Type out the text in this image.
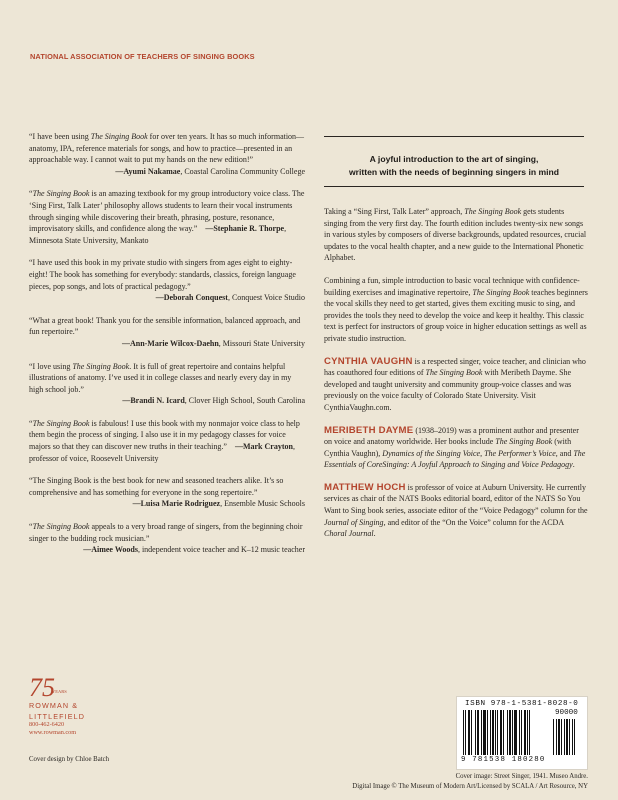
NATIONAL ASSOCIATION OF TEACHERS OF SINGING BOOKS
“I have been using The Singing Book for over ten years. It has so much information—anatomy, IPA, reference materials for songs, and how to practice—presented in an approachable way. I cannot wait to put my hands on the new edition!”
—Ayumi Nakamae, Coastal Carolina Community College
“The Singing Book is an amazing textbook for my group introductory voice class. The ‘Sing First, Talk Later’ philosophy allows students to learn their vocal instruments through singing while discovering their breath, phrasing, posture, resonance, improvisatory skills, and confidence along the way.” —Stephanie R. Thorpe, Minnesota State University, Mankato
“I have used this book in my private studio with singers from ages eight to eighty-eight! The book has something for everybody: standards, classics, foreign language pieces, pop songs, and lots of practical pedagogy.”
—Deborah Conquest, Conquest Voice Studio
“What a great book! Thank you for the sensible information, balanced approach, and fun repertoire.”
—Ann-Marie Wilcox-Daehn, Missouri State University
“I love using The Singing Book. It is full of great repertoire and contains helpful illustrations of anatomy. I’ve used it in college classes and nearly every day in my high school job.”
—Brandi N. Icard, Clover High School, South Carolina
“The Singing Book is fabulous! I use this book with my nonmajor voice class to help them begin the process of singing. I also use it in my pedagogy classes for voice majors so that they can discover new truths in their teaching.” —Mark Crayton, professor of voice, Roosevelt University
“The Singing Book is the best book for new and seasoned teachers alike. It’s so comprehensive and has something for everyone in the song repertoire.”
—Luisa Marie Rodriguez, Ensemble Music Schools
“The Singing Book appeals to a very broad range of singers, from the beginning choir singer to the budding rock musician.”
—Aimee Woods, independent voice teacher and K–12 music teacher
A joyful introduction to the art of singing,
written with the needs of beginning singers in mind

Taking a “Sing First, Talk Later” approach, The Singing Book gets students singing from the very first day. The fourth edition includes twenty-six new songs in various styles by composers of diverse backgrounds, updated resources, crucial updates to the vocal health chapter, and a new guide to the International Phonetic Alphabet.

Combining a fun, simple introduction to basic vocal technique with confidence-building exercises and imaginative repertoire, The Singing Book teaches beginners the vocal skills they need to get started, gives them exciting music to sing, and provides the tools they need to develop the voice and keep it healthy. This classic text is perfect for instructors of group voice in higher education settings as well as private studio instruction.

CYNTHIA VAUGHN is a respected singer, voice teacher, and clinician who has coauthored four editions of The Singing Book with Meribeth Dayme. She developed and taught university and community group-voice classes and was previously on the voice faculty of Colorado State University. Visit CynthiaVaughn.com.
MERIBETH DAYME (1938–2019) was a prominent author and presenter on voice and anatomy worldwide. Her books include The Singing Book (with Cynthia Vaughn), Dynamics of the Singing Voice, The Performer’s Voice, and The Essentials of CoreSinging: A Joyful Approach to Singing and Voice Pedagogy.
MATTHEW HOCH is professor of voice at Auburn University. He currently services as chair of the NATS Books editorial board, editor of the NATS So You Want to Sing book series, associate editor of the “Voice Pedagogy” column for the Journal of Singing, and editor of the “On the Voice” column for the ACDA Choral Journal.
75
YEARS
ROWMAN &
LITTLEFIELD
800-462-6420
www.rowman.com
Cover design by Chloe Batch
ISBN 978-1-5381-8028-0
90000
9 781538 180280
Cover image: Street Singer, 1941. Museo Andre.
Digital Image © The Museum of Modern Art/Licensed by SCALA / Art Resource, NY
